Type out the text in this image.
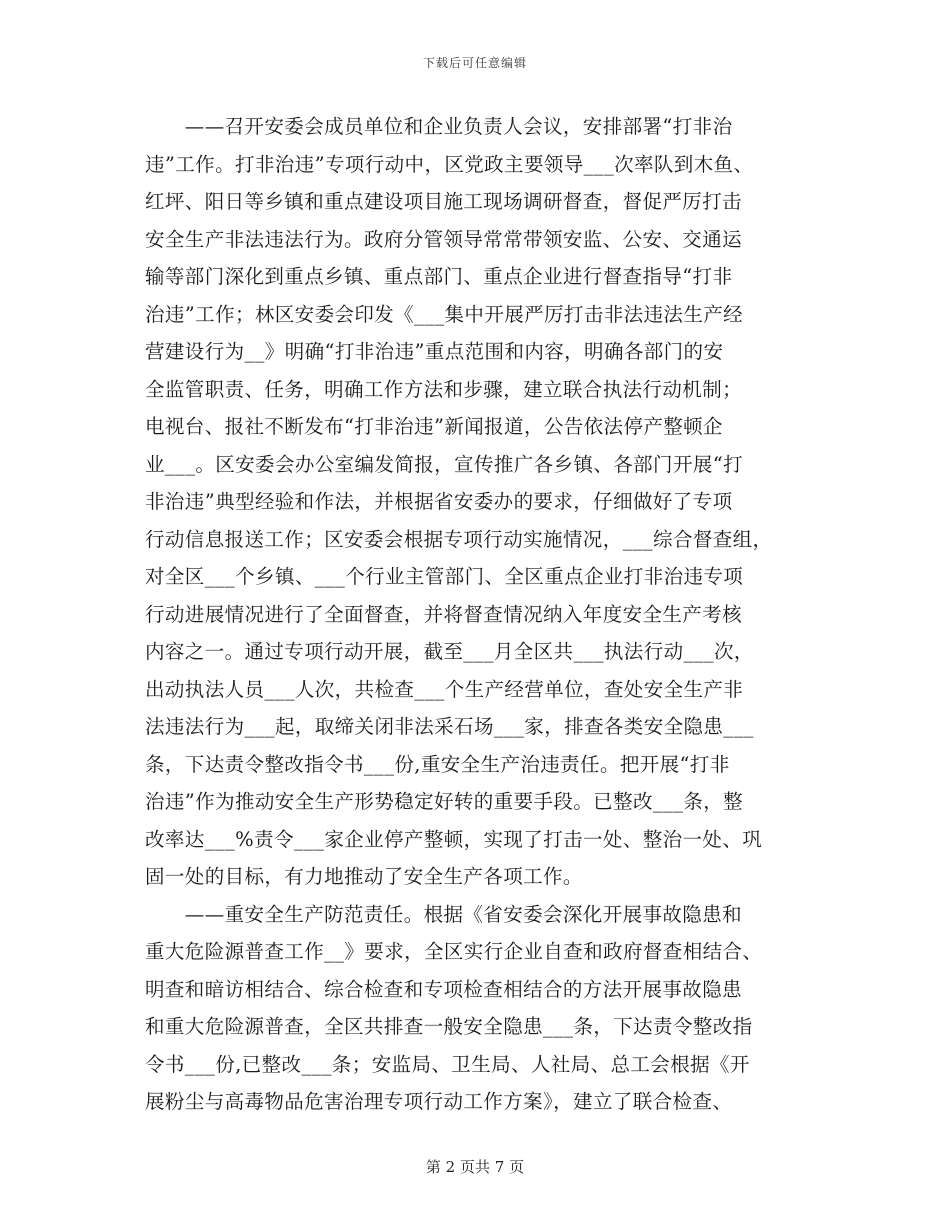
下载后可任意编辑
　　——召开安委会成员单位和企业负责人会议，安排部署“打非治
违”工作。打非治违”专项行动中，区党政主要领导___次率队到木鱼、
红坪、阳日等乡镇和重点建设项目施工现场调研督查，督促严厉打击
安全生产非法违法行为。政府分管领导常常带领安监、公安、交通运
输等部门深化到重点乡镇、重点部门、重点企业进行督查指导“打非
治违”工作；林区安委会印发《___集中开展严厉打击非法违法生产经
营建设行为__》明确“打非治违”重点范围和内容，明确各部门的安
全监管职责、任务，明确工作方法和步骤，建立联合执法行动机制；
电视台、报社不断发布“打非治违”新闻报道，公告依法停产整顿企
业___。区安委会办公室编发简报，宣传推广各乡镇、各部门开展“打
非治违”典型经验和作法，并根据省安委办的要求，仔细做好了专项
行动信息报送工作；区安委会根据专项行动实施情况，___综合督查组，
对全区___个乡镇、___个行业主管部门、全区重点企业打非治违专项
行动进展情况进行了全面督查，并将督查情况纳入年度安全生产考核
内容之一。通过专项行动开展，截至___月全区共___执法行动___次，
出动执法人员___人次，共检查___个生产经营单位，查处安全生产非
法违法行为___起，取缔关闭非法采石场___家，排查各类安全隐患___
条，下达责令整改指令书___份,重安全生产治违责任。把开展“打非
治违”作为推动安全生产形势稳定好转的重要手段。已整改___条，整
改率达___%责令___家企业停产整顿，实现了打击一处、整治一处、巩
固一处的目标，有力地推动了安全生产各项工作。
　　——重安全生产防范责任。根据《省安委会深化开展事故隐患和
重大危险源普查工作__》要求，全区实行企业自查和政府督查相结合、
明查和暗访相结合、综合检查和专项检查相结合的方法开展事故隐患
和重大危险源普查，全区共排查一般安全隐患___条，下达责令整改指
令书___份,已整改___条；安监局、卫生局、人社局、总工会根据《开
展粉尘与高毒物品危害治理专项行动工作方案》，建立了联合检查、
第 2 页共 7 页
